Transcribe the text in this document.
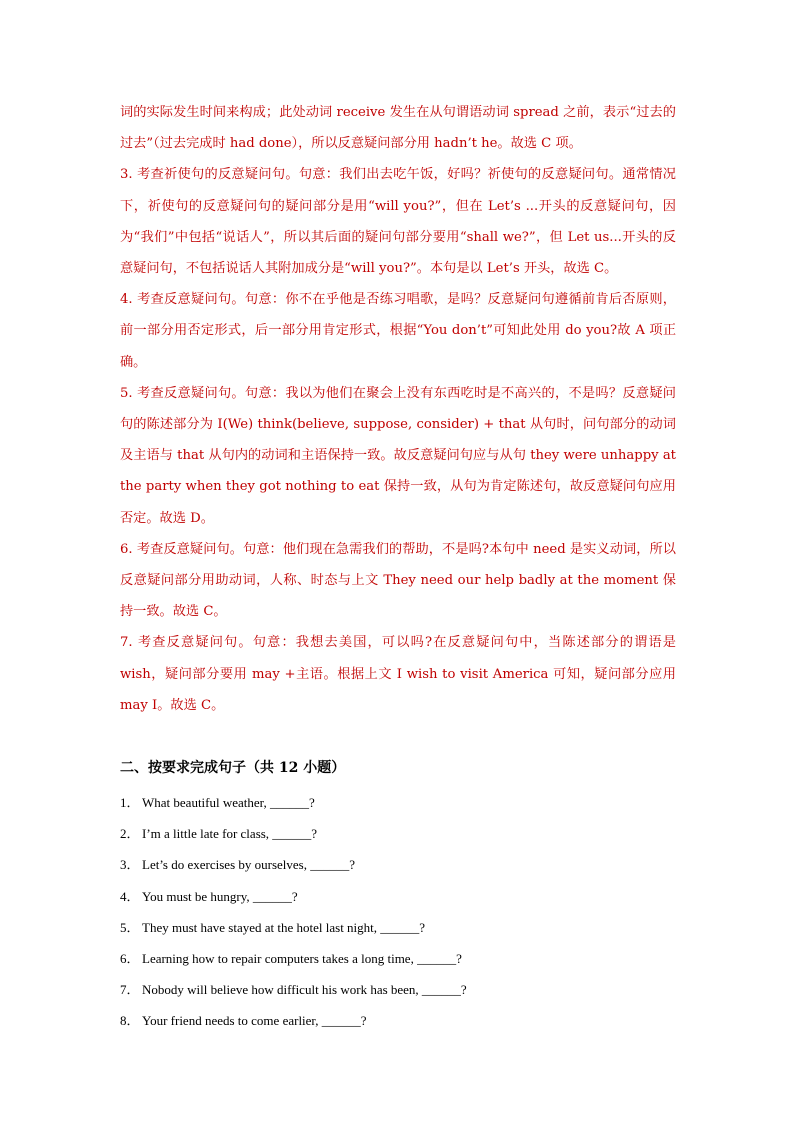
词的实际发生时间来构成；此处动词 receive 发生在从句谓语动词 spread 之前，表示“过去的过去”（过去完成时 had done），所以反意疑问部分用 hadn’t he。故选 C 项。

3. 考查祈使句的反意疑问句。句意：我们出去吃午饭，好吗？祈使句的反意疑问句。通常情况下，祈使句的反意疑问句的疑问部分是用“will you?”，但在 Let’s ...开头的反意疑问句，因为“我们”中包括“说话人”，所以其后面的疑问句部分要用“shall we?”，但 Let us...开头的反意疑问句，不包括说话人其附加成分是“will you?”。本句是以 Let’s 开头，故选 C。

4. 考查反意疑问句。句意：你不在乎他是否练习唱歌，是吗？反意疑问句遵循前肯后否原则，前一部分用否定形式，后一部分用肯定形式，根据“You don’t”可知此处用 do you?故 A 项正确。

5. 考查反意疑问句。句意：我以为他们在聚会上没有东西吃时是不高兴的，不是吗？反意疑问句的陈述部分为 I(We) think(believe, suppose, consider) + that 从句时，问句部分的动词及主语与 that 从句内的动词和主语保持一致。故反意疑问句应与从句 they were unhappy at the party when they got nothing to eat 保持一致，从句为肯定陈述句，故反意疑问句应用否定。故选 D。

6. 考查反意疑问句。句意：他们现在急需我们的帮助，不是吗?本句中 need 是实义动词，所以反意疑问部分用助动词，人称、时态与上文 They need our help badly at the moment 保持一致。故选 C。

7. 考查反意疑问句。句意：我想去美国，可以吗?在反意疑问句中，当陈述部分的谓语是 wish，疑问部分要用 may +主语。根据上文 I wish to visit America 可知，疑问部分应用 may I。故选 C。

二、按要求完成句子（共 12 小题）
1． What beautiful weather, ______?
2． I’m a little late for class, ______?
3． Let’s do exercises by ourselves, ______?
4． You must be hungry, ______?
5． They must have stayed at the hotel last night, ______?
6． Learning how to repair computers takes a long time, ______?
7． Nobody will believe how difficult his work has been, ______?
8． Your friend needs to come earlier, ______?
